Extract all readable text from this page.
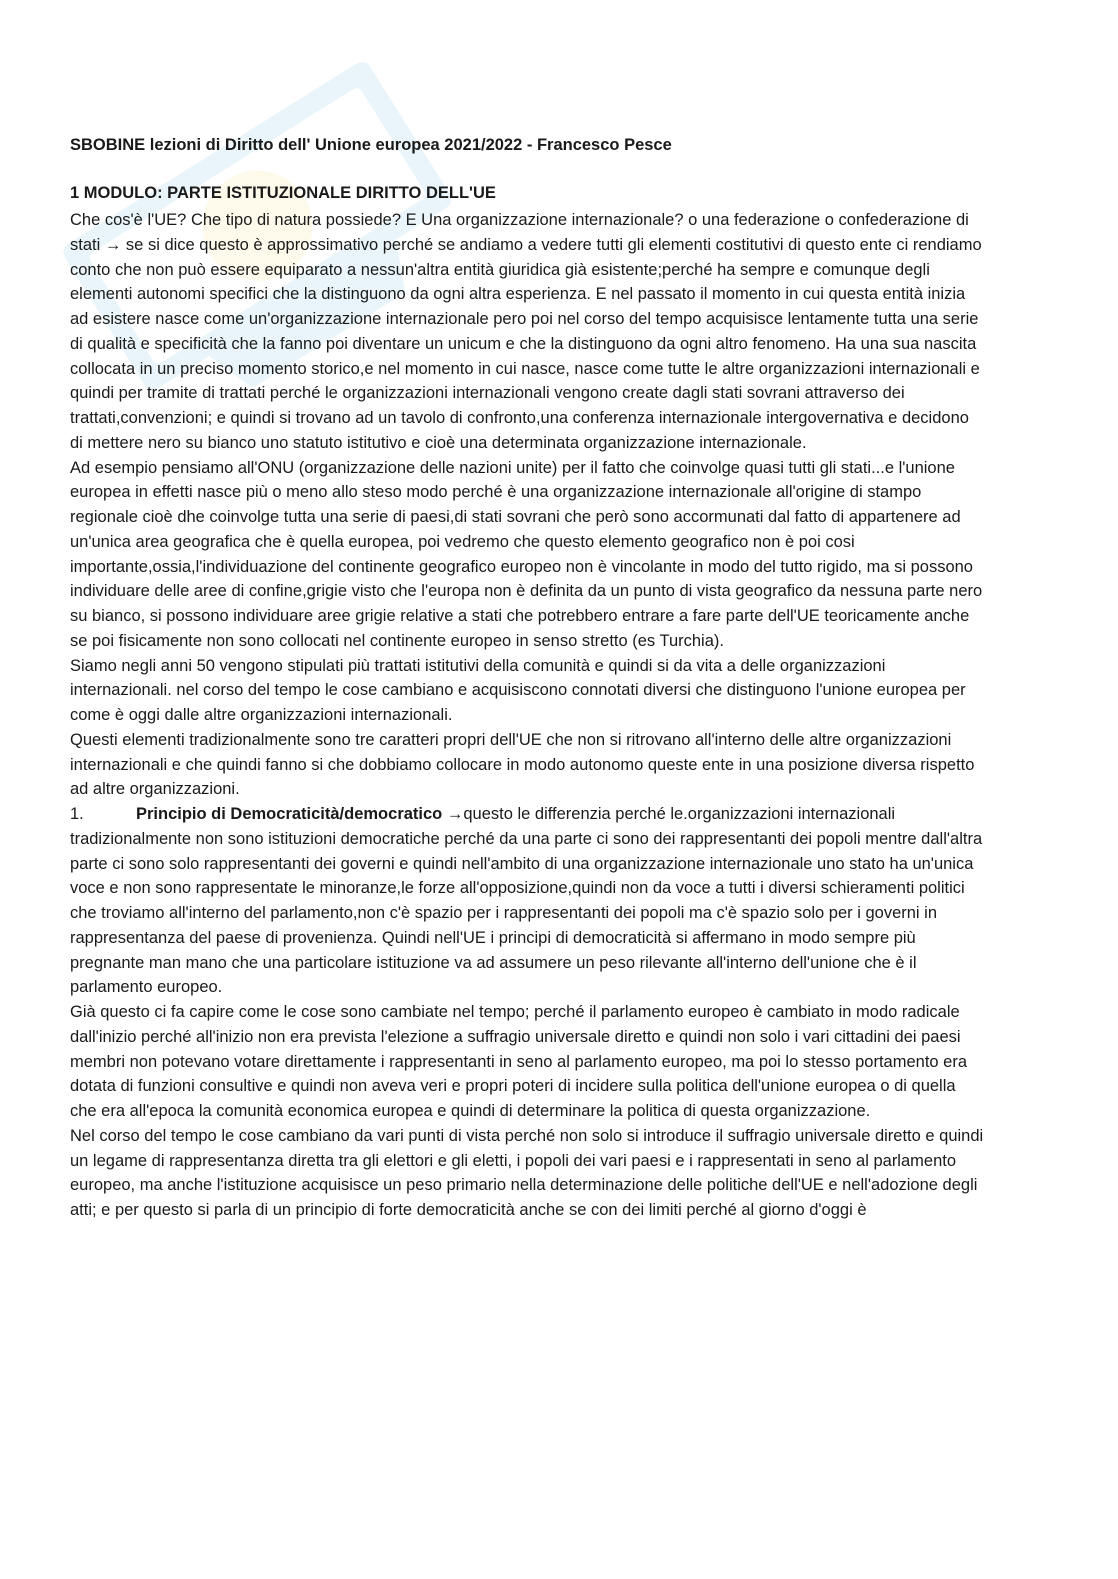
SBOBINE lezioni di Diritto dell' Unione europea 2021/2022 - Francesco Pesce
1 MODULO: PARTE ISTITUZIONALE DIRITTO DELL'UE

Che cos'è l'UE? Che tipo di natura possiede? E Una organizzazione internazionale? o una federazione o confederazione di stati → se si dice questo è approssimativo perché se andiamo a vedere tutti gli elementi costitutivi di questo ente ci rendiamo conto che non può essere equiparato a nessun'altra entità giuridica già esistente;perché ha sempre e comunque degli elementi autonomi specifici che la distinguono da ogni altra esperienza. E nel passato il momento in cui questa entità inizia ad esistere nasce come un'organizzazione internazionale pero poi nel corso del tempo acquisisce lentamente tutta una serie di qualità e specificità che la fanno poi diventare un unicum e che la distinguono da ogni altro fenomeno. Ha una sua nascita collocata in un preciso momento storico,e nel momento in cui nasce, nasce come tutte le altre organizzazioni internazionali e quindi per tramite di trattati perché le organizzazioni internazionali vengono create dagli stati sovrani attraverso dei trattati,convenzioni; e quindi si trovano ad un tavolo di confronto,una conferenza internazionale intergovernativa e decidono di mettere nero su bianco uno statuto istitutivo e cioè una determinata organizzazione internazionale.

Ad esempio pensiamo all'ONU (organizzazione delle nazioni unite) per il fatto che coinvolge quasi tutti gli stati...e l'unione europea in effetti nasce più o meno allo steso modo perché è una organizzazione internazionale all'origine di stampo regionale cioè dhe coinvolge tutta una serie di paesi,di stati sovrani che però sono accormunati dal fatto di appartenere ad un'unica area geografica che è quella europea, poi vedremo che questo elemento geografico non è poi cosi importante,ossia,l'individuazione del continente geografico europeo non è vincolante in modo del tutto rigido, ma si possono individuare delle aree di confine,grigie visto che l'europa non è definita da un punto di vista geografico da nessuna parte nero su bianco, si possono individuare aree grigie relative a stati che potrebbero entrare a fare parte dell'UE teoricamente anche se poi fisicamente non sono collocati nel continente europeo in senso stretto (es Turchia).

Siamo negli anni 50 vengono stipulati più trattati istitutivi della comunità e quindi si da vita a delle organizzazioni internazionali. nel corso del tempo le cose cambiano e acquisiscono connotati diversi che distinguono l'unione europea per come è oggi dalle altre organizzazioni internazionali.

Questi elementi tradizionalmente sono tre caratteri propri dell'UE che non si ritrovano all'interno delle altre organizzazioni internazionali e che quindi fanno si che dobbiamo collocare in modo autonomo queste ente in una posizione diversa rispetto ad altre organizzazioni.

1.	Principio di Democraticità/democratico →questo le differenzia perché le.organizzazioni internazionali tradizionalmente non sono istituzioni democratiche perché da una parte ci sono dei rappresentanti dei popoli mentre dall'altra parte ci sono solo rappresentanti dei governi e quindi nell'ambito di una organizzazione internazionale uno stato ha un'unica voce e non sono rappresentate le minoranze,le forze all'opposizione,quindi non da voce a tutti i diversi schieramenti politici che troviamo all'interno del parlamento,non c'è spazio per i rappresentanti dei popoli ma c'è spazio solo per i governi in rappresentanza del paese di provenienza. Quindi nell'UE i principi di democraticità si affermano in modo sempre più pregnante man mano che una particolare istituzione va ad assumere un peso rilevante all'interno dell'unione che è il parlamento europeo.

Già questo ci fa capire come le cose sono cambiate nel tempo; perché il parlamento europeo è cambiato in modo radicale dall'inizio perché all'inizio non era prevista l'elezione a suffragio universale diretto e quindi non solo i vari cittadini dei paesi membri non potevano votare direttamente i rappresentanti in seno al parlamento europeo, ma poi lo stesso portamento era dotata di funzioni consultive e quindi non aveva veri e propri poteri di incidere sulla politica dell'unione europea o di quella che era all'epoca la comunità economica europea e quindi di determinare la politica di questa organizzazione.

Nel corso del tempo le cose cambiano da vari punti di vista perché non solo si introduce il suffragio universale diretto e quindi un legame di rappresentanza diretta tra gli elettori e gli eletti, i popoli dei vari paesi e i rappresentati in seno al parlamento europeo, ma anche l'istituzione acquisisce un peso primario nella determinazione delle politiche dell'UE e nell'adozione degli atti; e per questo si parla di un principio di forte democraticità anche se con dei limiti perché al giorno d'oggi è
